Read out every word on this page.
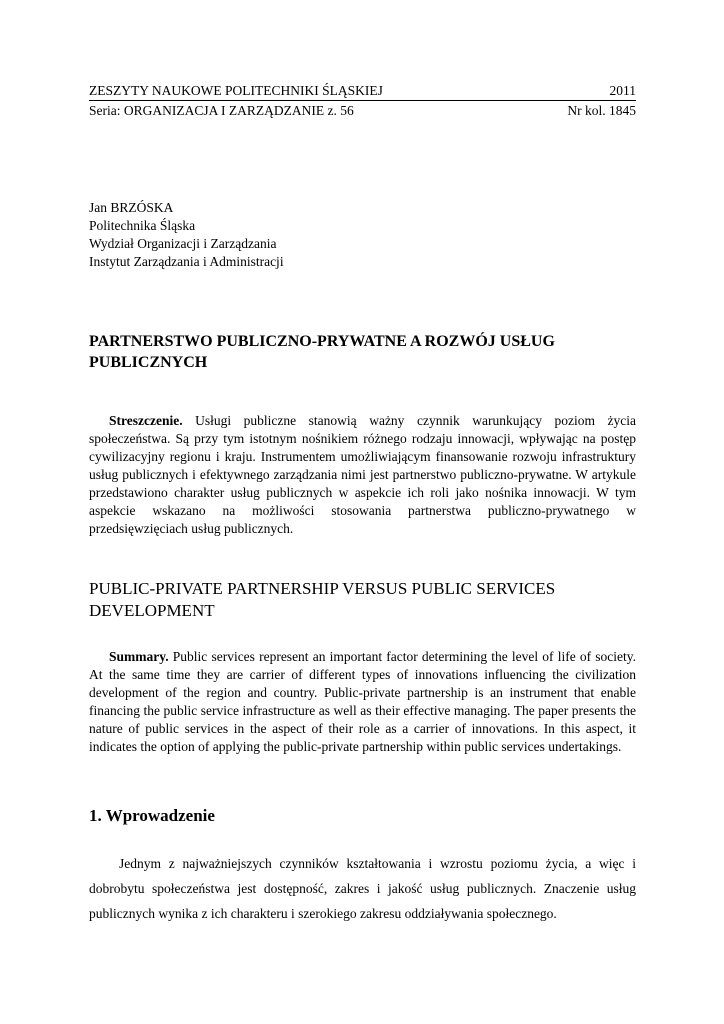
ZESZYTY NAUKOWE POLITECHNIKI ŚLĄSKIEJ	2011
Seria: ORGANIZACJA I ZARZĄDZANIE z. 56	Nr kol. 1845
Jan BRZÓSKA
Politechnika Śląska
Wydział Organizacji i Zarządzania
Instytut Zarządzania i Administracji
PARTNERSTWO PUBLICZNO-PRYWATNE A ROZWÓJ USŁUG PUBLICZNYCH

Streszczenie. Usługi publiczne stanowią ważny czynnik warunkujący poziom życia społeczeństwa. Są przy tym istotnym nośnikiem różnego rodzaju innowacji, wpływając na postęp cywilizacyjny regionu i kraju. Instrumentem umożliwiającym finansowanie rozwoju infrastruktury usług publicznych i efektywnego zarządzania nimi jest partnerstwo publiczno-prywatne. W artykule przedstawiono charakter usług publicznych w aspekcie ich roli jako nośnika innowacji. W tym aspekcie wskazano na możliwości stosowania partnerstwa publiczno-prywatnego w przedsięwzięciach usług publicznych.

PUBLIC-PRIVATE PARTNERSHIP VERSUS PUBLIC SERVICES DEVELOPMENT

Summary. Public services represent an important factor determining the level of life of society. At the same time they are carrier of different types of innovations influencing the civilization development of the region and country. Public-private partnership is an instrument that enable financing the public service infrastructure as well as their effective managing. The paper presents the nature of public services in the aspect of their role as a carrier of innovations. In this aspect, it indicates the option of applying the public-private partnership within public services undertakings.

1. Wprowadzenie

Jednym z najważniejszych czynników kształtowania i wzrostu poziomu życia, a więc i dobrobytu społeczeństwa jest dostępność, zakres i jakość usług publicznych. Znaczenie usług publicznych wynika z ich charakteru i szerokiego zakresu oddziaływania społecznego.
